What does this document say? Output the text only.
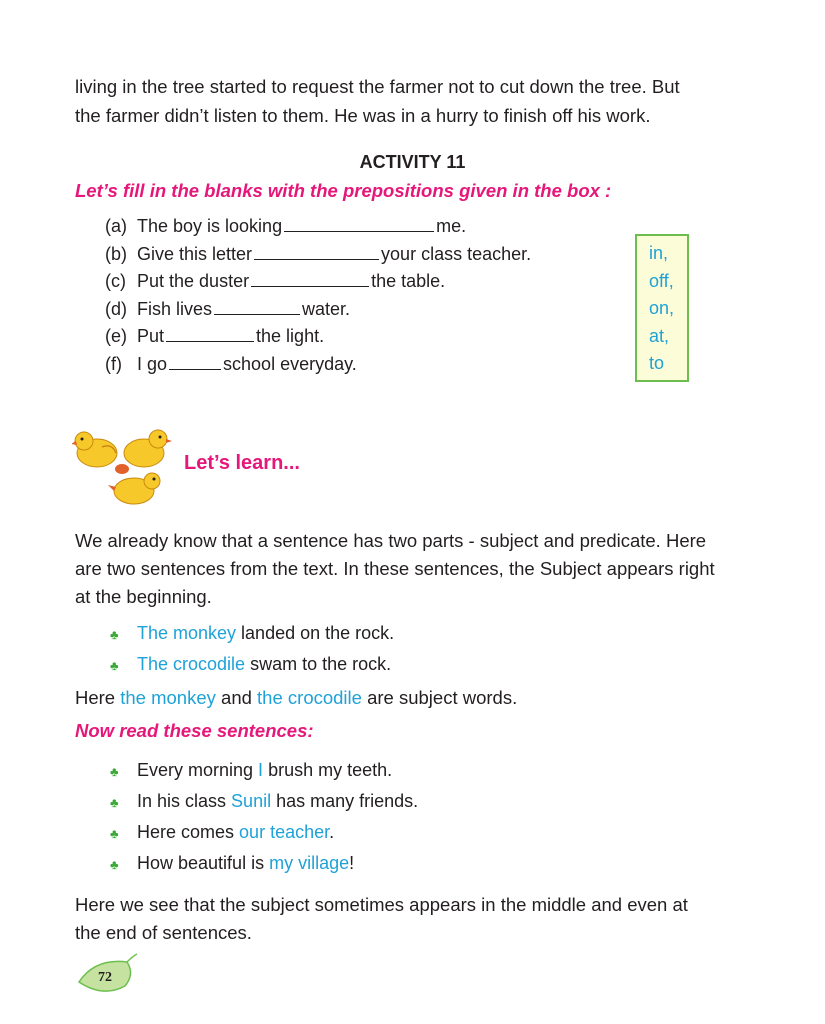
living in the tree started to request the farmer not to cut down the tree. But

the farmer didn’t listen to them. He was in a hurry to finish off his work.

ACTIVITY 11

Let’s fill in the blanks with the prepositions given in the box :

(a) The boy is looking	me.
(b) Give this letter	your class teacher.
(c) Put the duster	the table.
(d) Fish lives	water.
(e) Put	the light.
(f) I go	school everyday.
in,
off,
on,
at,
to

Let’s learn...

We already know that a sentence has two parts - subject and predicate. Here

are two sentences from the text. In these sentences, the Subject appears right

at the beginning.

♣ The monkey landed on the rock.
♣ The crocodile swam to the rock.

Here the monkey and the crocodile are subject words.

Now read these sentences:

♣ Every morning I brush my teeth.
♣ In his class Sunil has many friends.
♣ Here comes our teacher.
♣ How beautiful is my village!

Here we see that the subject sometimes appears in the middle and even at

the end of sentences.

72
